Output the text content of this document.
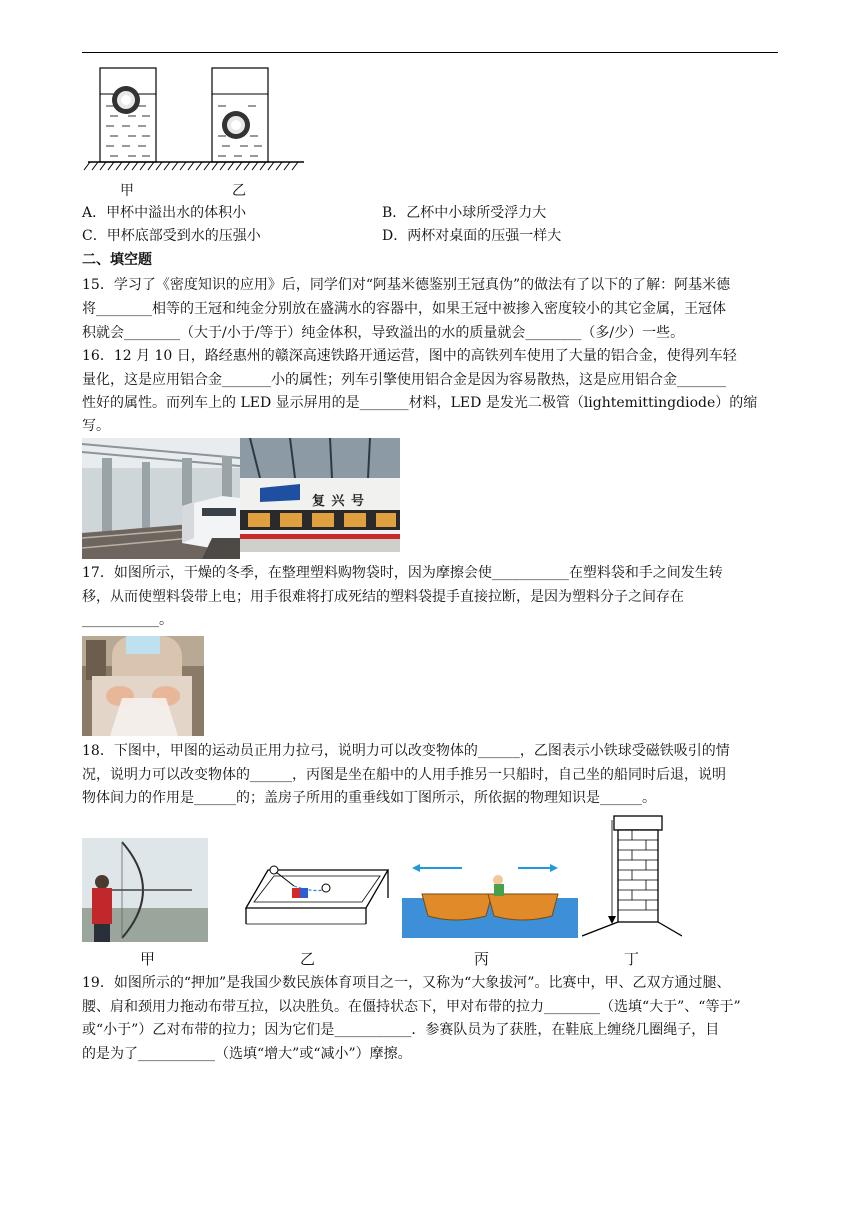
甲	乙
A．甲杯中溢出水的体积小	B．乙杯中小球所受浮力大
C．甲杯底部受到水的压强小	D．两杯对桌面的压强一样大
二、填空题
15．学习了《密度知识的应用》后，同学们对“阿基米德鉴别王冠真伪”的做法有了以下的了解：阿基米德
将________相等的王冠和纯金分别放在盛满水的容器中，如果王冠中被掺入密度较小的其它金属，王冠体
积就会________（大于/小于/等于）纯金体积，导致溢出的水的质量就会________（多/少）一些。
16．12 月 10 日，路经惠州的赣深高速铁路开通运营，图中的高铁列车使用了大量的铝合金，使得列车轻
量化，这是应用铝合金_______小的属性；列车引擎使用铝合金是因为容易散热，这是应用铝合金_______
性好的属性。而列车上的 LED 显示屏用的是_______材料，LED 是发光二极管（lightemittingdiode）的缩
写。
复 兴 号
17．如图所示，干燥的冬季，在整理塑料购物袋时，因为摩擦会使___________在塑料袋和手之间发生转
移，从而使塑料袋带上电；用手很难将打成死结的塑料袋提手直接拉断，是因为塑料分子之间存在
___________。
18．下图中，甲图的运动员正用力拉弓，说明力可以改变物体的______，乙图表示小铁球受磁铁吸引的情
况，说明力可以改变物体的______，丙图是坐在船中的人用手推另一只船时，自己坐的船同时后退，说明
物体间力的作用是______的；盖房子所用的重垂线如丁图所示，所依据的物理知识是______。
甲	乙	丙	丁
19．如图所示的“押加”是我国少数民族体育项目之一，又称为“大象拔河”。比赛中，甲、乙双方通过腿、
腰、肩和颈用力拖动布带互拉，以决胜负。在僵持状态下，甲对布带的拉力________（选填“大于”、“等于”
或“小于”）乙对布带的拉力；因为它们是___________．参赛队员为了获胜，在鞋底上缠绕几圈绳子，目
的是为了___________（选填“增大”或“减小”）摩擦。
